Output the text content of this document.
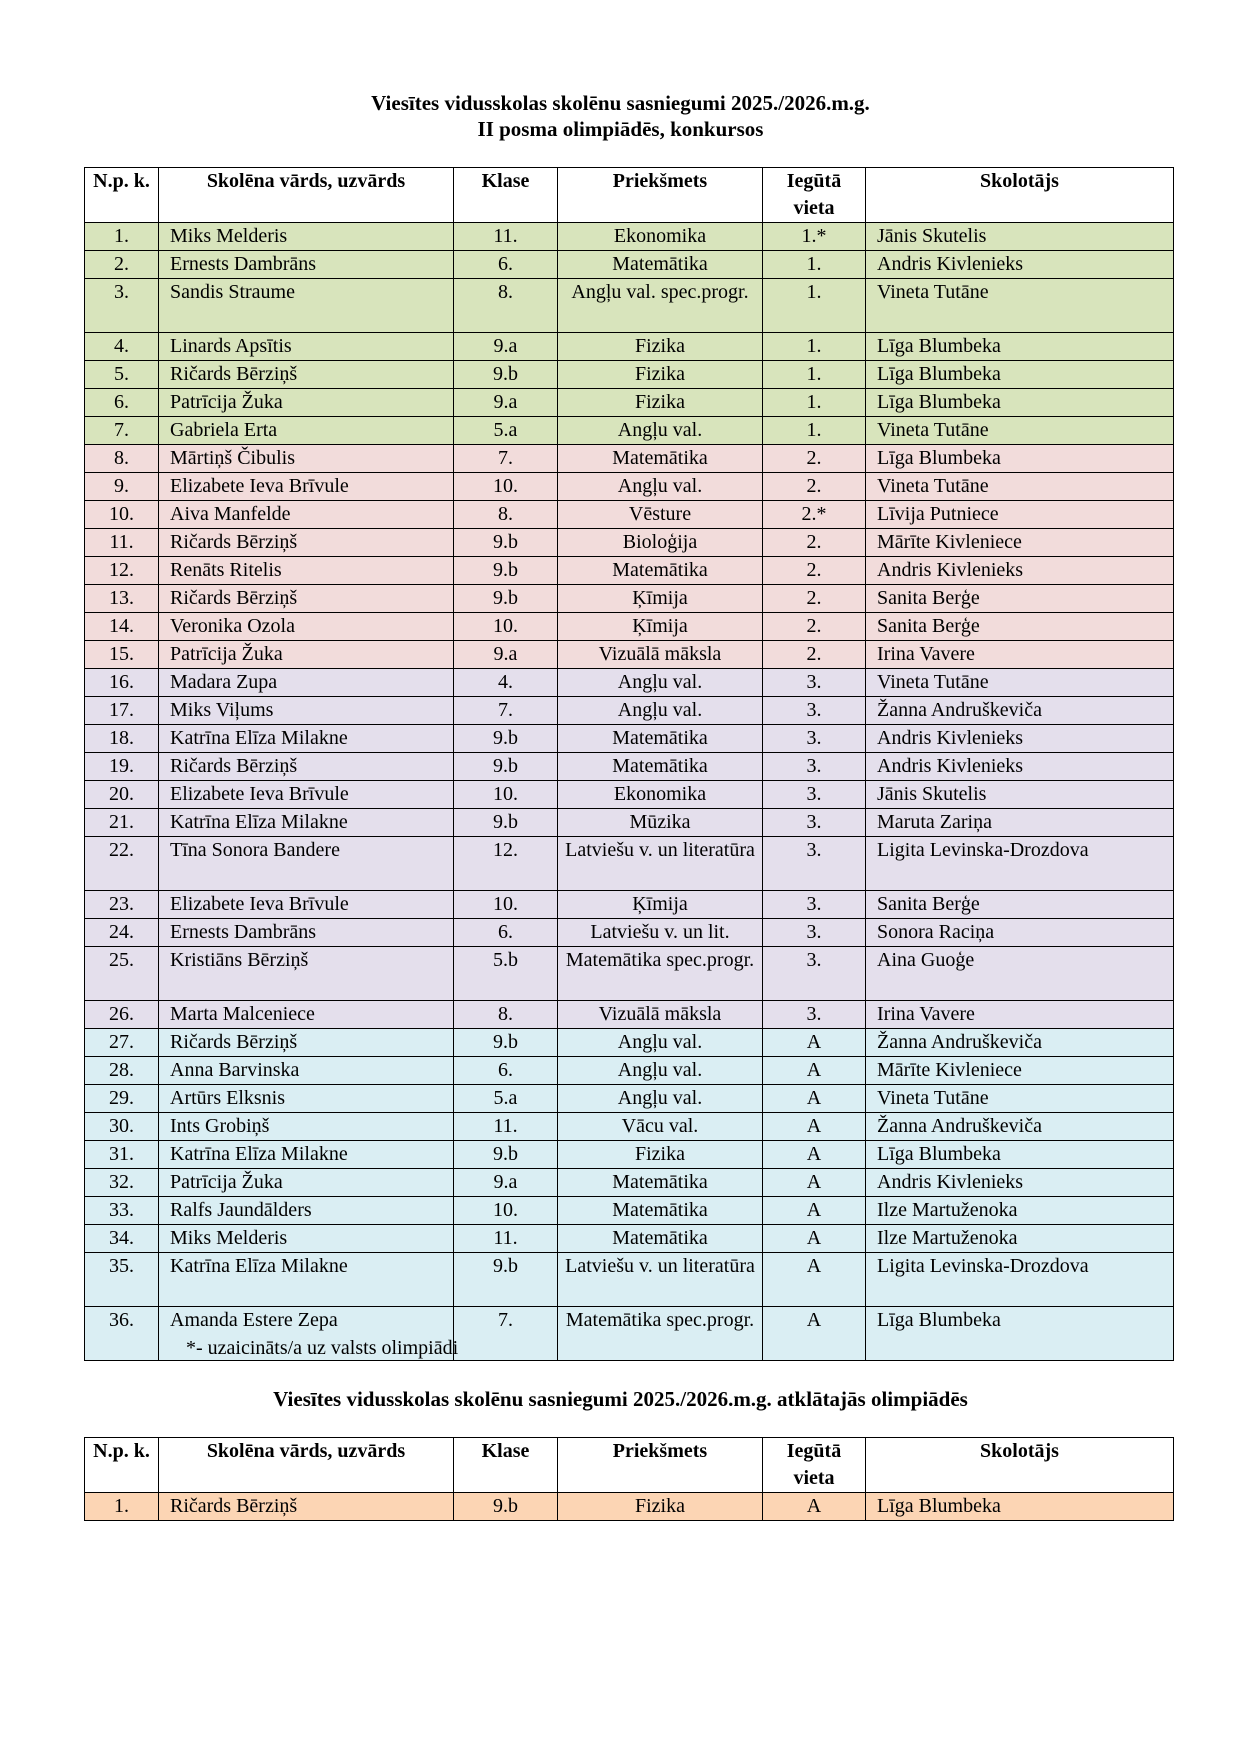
Viesītes vidusskolas skolēnu sasniegumi 2025./2026.m.g.
II posma olimpiādēs, konkursos
N.p. k.	Skolēna vārds, uzvārds	Klase	Priekšmets	Iegūtā vieta	Skolotājs
1.	Miks Melderis	11.	Ekonomika	1.*	Jānis Skutelis
2.	Ernests Dambrāns	6.	Matemātika	1.	Andris Kivlenieks
3.	Sandis Straume	8.	Angļu val. spec.progr.	1.	Vineta Tutāne
4.	Linards Apsītis	9.a	Fizika	1.	Līga Blumbeka
5.	Ričards Bērziņš	9.b	Fizika	1.	Līga Blumbeka
6.	Patrīcija Žuka	9.a	Fizika	1.	Līga Blumbeka
7.	Gabriela Erta	5.a	Angļu val.	1.	Vineta Tutāne
8.	Mārtiņš Čibulis	7.	Matemātika	2.	Līga Blumbeka
9.	Elizabete Ieva Brīvule	10.	Angļu val.	2.	Vineta Tutāne
10.	Aiva Manfelde	8.	Vēsture	2.*	Līvija Putniece
11.	Ričards Bērziņš	9.b	Bioloģija	2.	Mārīte Kivleniece
12.	Renāts Ritelis	9.b	Matemātika	2.	Andris Kivlenieks
13.	Ričards Bērziņš	9.b	Ķīmija	2.	Sanita Berģe
14.	Veronika Ozola	10.	Ķīmija	2.	Sanita Berģe
15.	Patrīcija Žuka	9.a	Vizuālā māksla	2.	Irina Vavere
16.	Madara Zupa	4.	Angļu val.	3.	Vineta Tutāne
17.	Miks Viļums	7.	Angļu val.	3.	Žanna Andruškeviča
18.	Katrīna Elīza Milakne	9.b	Matemātika	3.	Andris Kivlenieks
19.	Ričards Bērziņš	9.b	Matemātika	3.	Andris Kivlenieks
20.	Elizabete Ieva Brīvule	10.	Ekonomika	3.	Jānis Skutelis
21.	Katrīna Elīza Milakne	9.b	Mūzika	3.	Maruta Zariņa
22.	Tīna Sonora Bandere	12.	Latviešu v. un literatūra	3.	Ligita Levinska-Drozdova
23.	Elizabete Ieva Brīvule	10.	Ķīmija	3.	Sanita Berģe
24.	Ernests Dambrāns	6.	Latviešu v. un lit.	3.	Sonora Raciņa
25.	Kristiāns Bērziņš	5.b	Matemātika spec.progr.	3.	Aina Guoģe
26.	Marta Malceniece	8.	Vizuālā māksla	3.	Irina Vavere
27.	Ričards Bērziņš	9.b	Angļu val.	A	Žanna Andruškeviča
28.	Anna Barvinska	6.	Angļu val.	A	Mārīte Kivleniece
29.	Artūrs Elksnis	5.a	Angļu val.	A	Vineta Tutāne
30.	Ints Grobiņš	11.	Vācu val.	A	Žanna Andruškeviča
31.	Katrīna Elīza Milakne	9.b	Fizika	A	Līga Blumbeka
32.	Patrīcija Žuka	9.a	Matemātika	A	Andris Kivlenieks
33.	Ralfs Jaundālders	10.	Matemātika	A	Ilze Martuženoka
34.	Miks Melderis	11.	Matemātika	A	Ilze Martuženoka
35.	Katrīna Elīza Milakne	9.b	Latviešu v. un literatūra	A	Ligita Levinska-Drozdova
36.	Amanda Estere Zepa	7.	Matemātika spec.progr.	A	Līga Blumbeka
*- uzaicināts/a uz valsts olimpiādi
Viesītes vidusskolas skolēnu sasniegumi 2025./2026.m.g. atklātajās olimpiādēs
N.p. k.	Skolēna vārds, uzvārds	Klase	Priekšmets	Iegūtā vieta	Skolotājs
1.	Ričards Bērziņš	9.b	Fizika	A	Līga Blumbeka
